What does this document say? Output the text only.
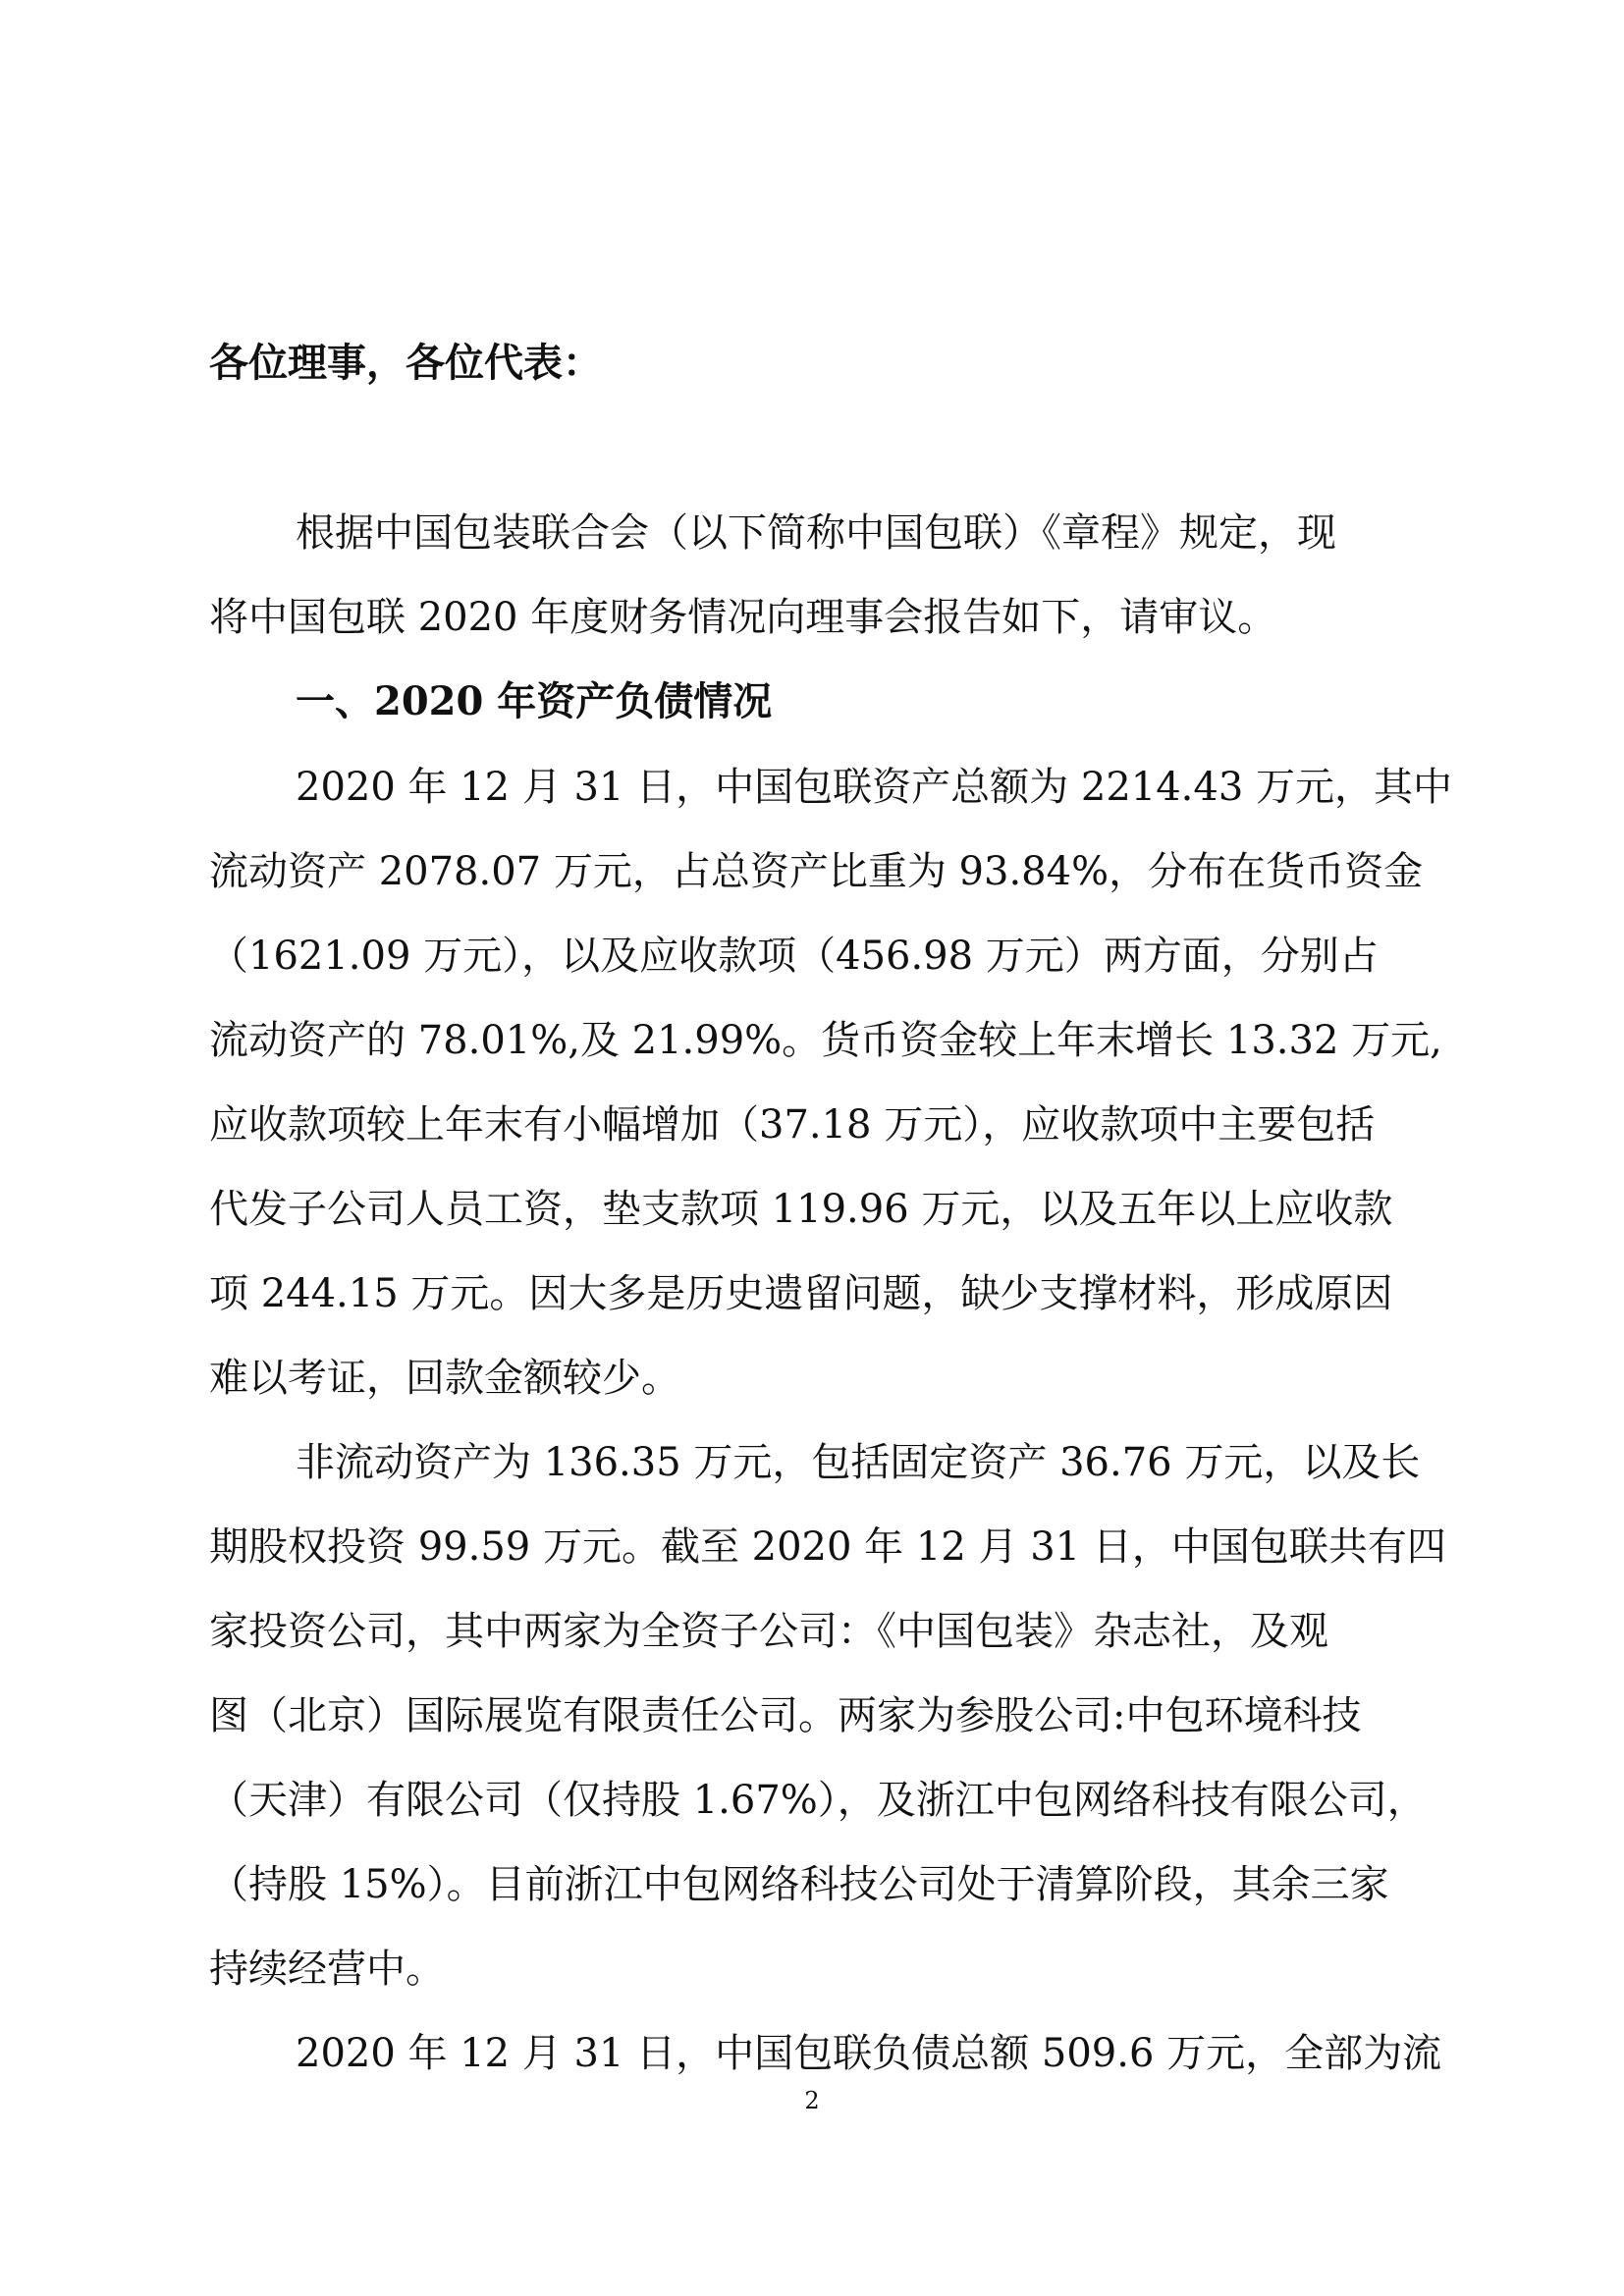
各位理事，各位代表：
根据中国包装联合会（以下简称中国包联）《章程》规定，现
将中国包联 2020 年度财务情况向理事会报告如下，请审议。
一、2020 年资产负债情况
2020 年 12 月 31 日，中国包联资产总额为 2214.43 万元，其中
流动资产 2078.07 万元，占总资产比重为 93.84%，分布在货币资金
（1621.09 万元），以及应收款项（456.98 万元）两方面，分别占
流动资产的 78.01%,及 21.99%。货币资金较上年末增长 13.32 万元,
应收款项较上年末有小幅增加（37.18 万元），应收款项中主要包括
代发子公司人员工资，垫支款项 119.96 万元，以及五年以上应收款
项 244.15 万元。因大多是历史遗留问题，缺少支撑材料，形成原因
难以考证，回款金额较少。
非流动资产为 136.35 万元，包括固定资产 36.76 万元，以及长
期股权投资 99.59 万元。截至 2020 年 12 月 31 日，中国包联共有四
家投资公司，其中两家为全资子公司：《中国包装》杂志社，及观
图（北京）国际展览有限责任公司。两家为参股公司:中包环境科技
（天津）有限公司（仅持股 1.67%），及浙江中包网络科技有限公司，
（持股 15%）。目前浙江中包网络科技公司处于清算阶段，其余三家
持续经营中。
2020 年 12 月 31 日，中国包联负债总额 509.6 万元，全部为流
2
